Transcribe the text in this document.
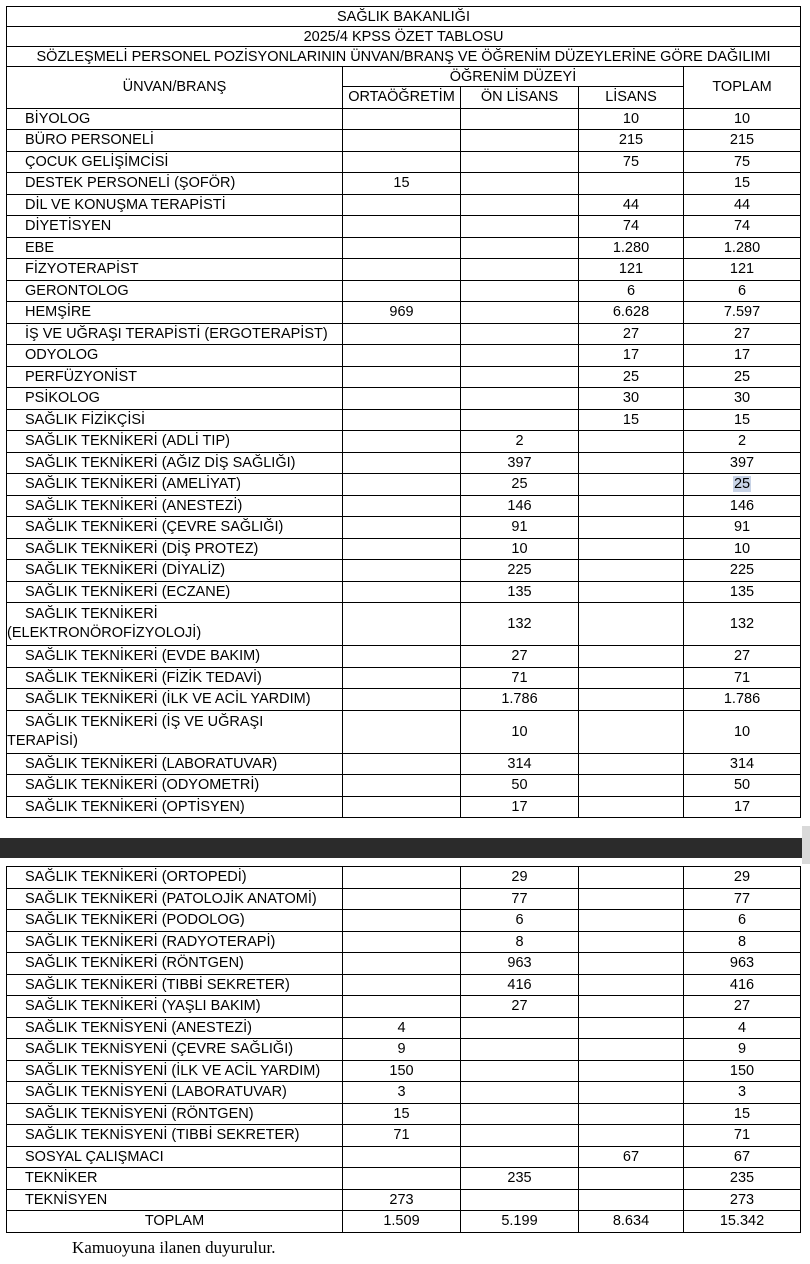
SAĞLIK BAKANLIĞI				
2025/4 KPSS ÖZET TABLOSU				
SÖZLEŞMELİ PERSONEL POZİSYONLARININ ÜNVAN/BRANŞ VE ÖĞRENİM DÜZEYLERİNE GÖRE DAĞILIMI				
ÜNVAN/BRANŞ	ÖĞRENİM DÜZEYİ			TOPLAM
	ORTAÖĞRETİM	ÖN LİSANS	LİSANS	
BİYOLOG			10	10
BÜRO PERSONELİ			215	215
ÇOCUK GELİŞİMCİSİ			75	75
DESTEK PERSONELİ (ŞOFÖR)	15			15
DİL VE KONUŞMA TERAPİSTİ			44	44
DİYETİSYEN			74	74
EBE			1.280	1.280
FİZYOTERAPİST			121	121
GERONTOLOG			6	6
HEMŞİRE	969		6.628	7.597
İŞ VE UĞRAŞI TERAPİSTİ (ERGOTERAPİST)			27	27
ODYOLOG			17	17
PERFÜZYONİST			25	25
PSİKOLOG			30	30
SAĞLIK FİZİKÇİSİ			15	15
SAĞLIK TEKNİKERİ (ADLİ TIP)		2		2
SAĞLIK TEKNİKERİ (AĞIZ DİŞ SAĞLIĞI)		397		397
SAĞLIK TEKNİKERİ (AMELİYAT)		25		25
SAĞLIK TEKNİKERİ (ANESTEZİ)		146		146
SAĞLIK TEKNİKERİ (ÇEVRE SAĞLIĞI)		91		91
SAĞLIK TEKNİKERİ (DİŞ PROTEZ)		10		10
SAĞLIK TEKNİKERİ (DİYALİZ)		225		225
SAĞLIK TEKNİKERİ (ECZANE)		135		135

SAĞLIK TEKNİKERİ
(ELEKTRONÖROFİZYOLOJİ)		132		132
SAĞLIK TEKNİKERİ (EVDE BAKIM)		27		27
SAĞLIK TEKNİKERİ (FİZİK TEDAVİ)		71		71
SAĞLIK TEKNİKERİ (İLK VE ACİL YARDIM)		1.786		1.786

SAĞLIK TEKNİKERİ (İŞ VE UĞRAŞI
TERAPİSİ)		10		10
SAĞLIK TEKNİKERİ (LABORATUVAR)		314		314
SAĞLIK TEKNİKERİ (ODYOMETRİ)		50		50
SAĞLIK TEKNİKERİ (OPTİSYEN)		17		17
SAĞLIK TEKNİKERİ (ORTOPEDİ)		29		29
SAĞLIK TEKNİKERİ (PATOLOJİK ANATOMİ)		77		77
SAĞLIK TEKNİKERİ (PODOLOG)		6		6
SAĞLIK TEKNİKERİ (RADYOTERAPİ)		8		8
SAĞLIK TEKNİKERİ (RÖNTGEN)		963		963
SAĞLIK TEKNİKERİ (TIBBİ SEKRETER)		416		416
SAĞLIK TEKNİKERİ (YAŞLI BAKIM)		27		27
SAĞLIK TEKNİSYENİ (ANESTEZİ)	4			4
SAĞLIK TEKNİSYENİ (ÇEVRE SAĞLIĞI)	9			9
SAĞLIK TEKNİSYENİ (İLK VE ACİL YARDIM)	150			150
SAĞLIK TEKNİSYENİ (LABORATUVAR)	3			3
SAĞLIK TEKNİSYENİ (RÖNTGEN)	15			15
SAĞLIK TEKNİSYENİ (TIBBİ SEKRETER)	71			71
SOSYAL ÇALIŞMACI			67	67
TEKNİKER		235		235
TEKNİSYEN	273			273
TOPLAM	1.509	5.199	8.634	15.342
Kamuoyuna ilanen duyurulur.
